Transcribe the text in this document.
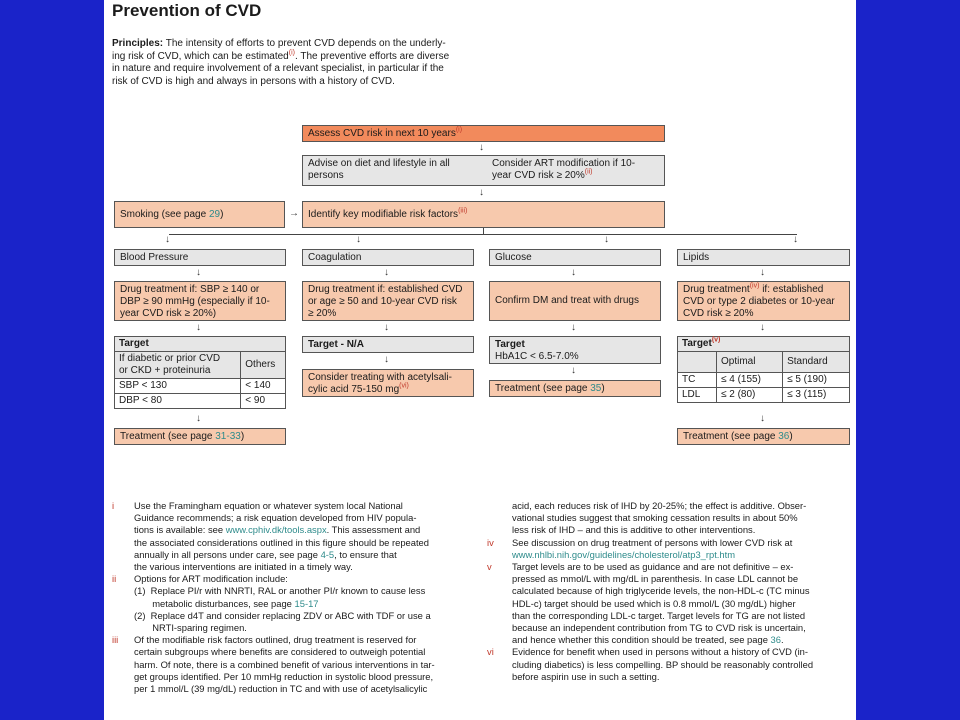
Prevention of CVD
Principles: The intensity of efforts to prevent CVD depends on the underly-
ing risk of CVD, which can be estimated$^{(i)}$. The preventive efforts are diverse
in nature and require involvement of a relevant specialist, in particular if the
risk of CVD is high and always in persons with a history of CVD.
Assess CVD risk in next 10 years$^{(i)}$
↓
Advise on diet and lifestyle in all
persons
Consider ART modification if 10-
year CVD risk ≥ 20%$^{(ii)}$
↓
Smoking (see page 29)	→ Identify key modifiable risk factors$^{(iii)}$
↓	↓	↓	↓
Blood Pressure	Coagulation	Glucose	Lipids
↓	↓	↓	↓
Drug treatment if: SBP ≥ 140 or
DBP ≥ 90 mmHg (especially if 10-
year CVD risk ≥ 20%)
Drug treatment if: established CVD
or age ≥ 50 and 10-year CVD risk
≥ 20%
Confirm DM and treat with drugs
Drug treatment$^{(iv)}$ if: established
CVD or type 2 diabetes or 10-year
CVD risk ≥ 20%
↓	↓	↓	↓
Target	

If diabetic or prior CVD
or CKD + proteinuria	Others
SBP < 130	< 140
DBP < 80	< 90
Target - N/A
↓
Consider treating with acetylsali-
cylic acid 75-150 $mg^{(vi)}$
Target
HbA1C < 6.5-7.0%
↓
Treatment (see page 35)
Target$^{(v)}$
	Optimal	Standard
TC	≤ 4 (155)	≤ 5 (190)
LDL	≤ 2 (80)	≤ 3 (115)
↓	↓
Treatment (see page 31-33)	Treatment (see page 36)
i Use the Framingham equation or whatever system local National
Guidance recommends; a risk equation developed from HIV popula-
tions is available: see www.cphiv.dk/tools.aspx. This assessment and
the associated considerations outlined in this figure should be repeated
annually in all persons under care, see page 4-5, to ensure that
the various interventions are initiated in a timely way.
ii Options for ART modification include:
(1)  Replace PI/r with NNRTI, RAL or another PI/r known to cause less
metabolic disturbances, see page 15-17
(2)  Replace d4T and consider replacing ZDV or ABC with TDF or use a
NRTI-sparing regimen.
iii Of the modifiable risk factors outlined, drug treatment is reserved for
certain subgroups where benefits are considered to outweigh potential
harm. Of note, there is a combined benefit of various interventions in tar-
get groups identified. Per 10 mmHg reduction in systolic blood pressure,
per 1 mmol/L (39 mg/dL) reduction in TC and with use of acetylsalicylic
acid, each reduces risk of IHD by 20-25%; the effect is additive. Obser-
vational studies suggest that smoking cessation results in about 50%
less risk of IHD – and this is additive to other interventions.
iv See discussion on drug treatment of persons with lower CVD risk at
www.nhlbi.nih.gov/guidelines/cholesterol/atp3_rpt.htm
v Target levels are to be used as guidance and are not definitive – ex-
pressed as mmol/L with mg/dL in parenthesis. In case LDL cannot be
calculated because of high triglyceride levels, the non-HDL-c (TC minus
HDL-c) target should be used which is 0.8 mmol/L (30 mg/dL) higher
than the corresponding LDL-c target. Target levels for TG are not listed
because an independent contribution from TG to CVD risk is uncertain,
and hence whether this condition should be treated, see page 36.
vi Evidence for benefit when used in persons without a history of CVD (in-
cluding diabetics) is less compelling. BP should be reasonably controlled
before aspirin use in such a setting.
